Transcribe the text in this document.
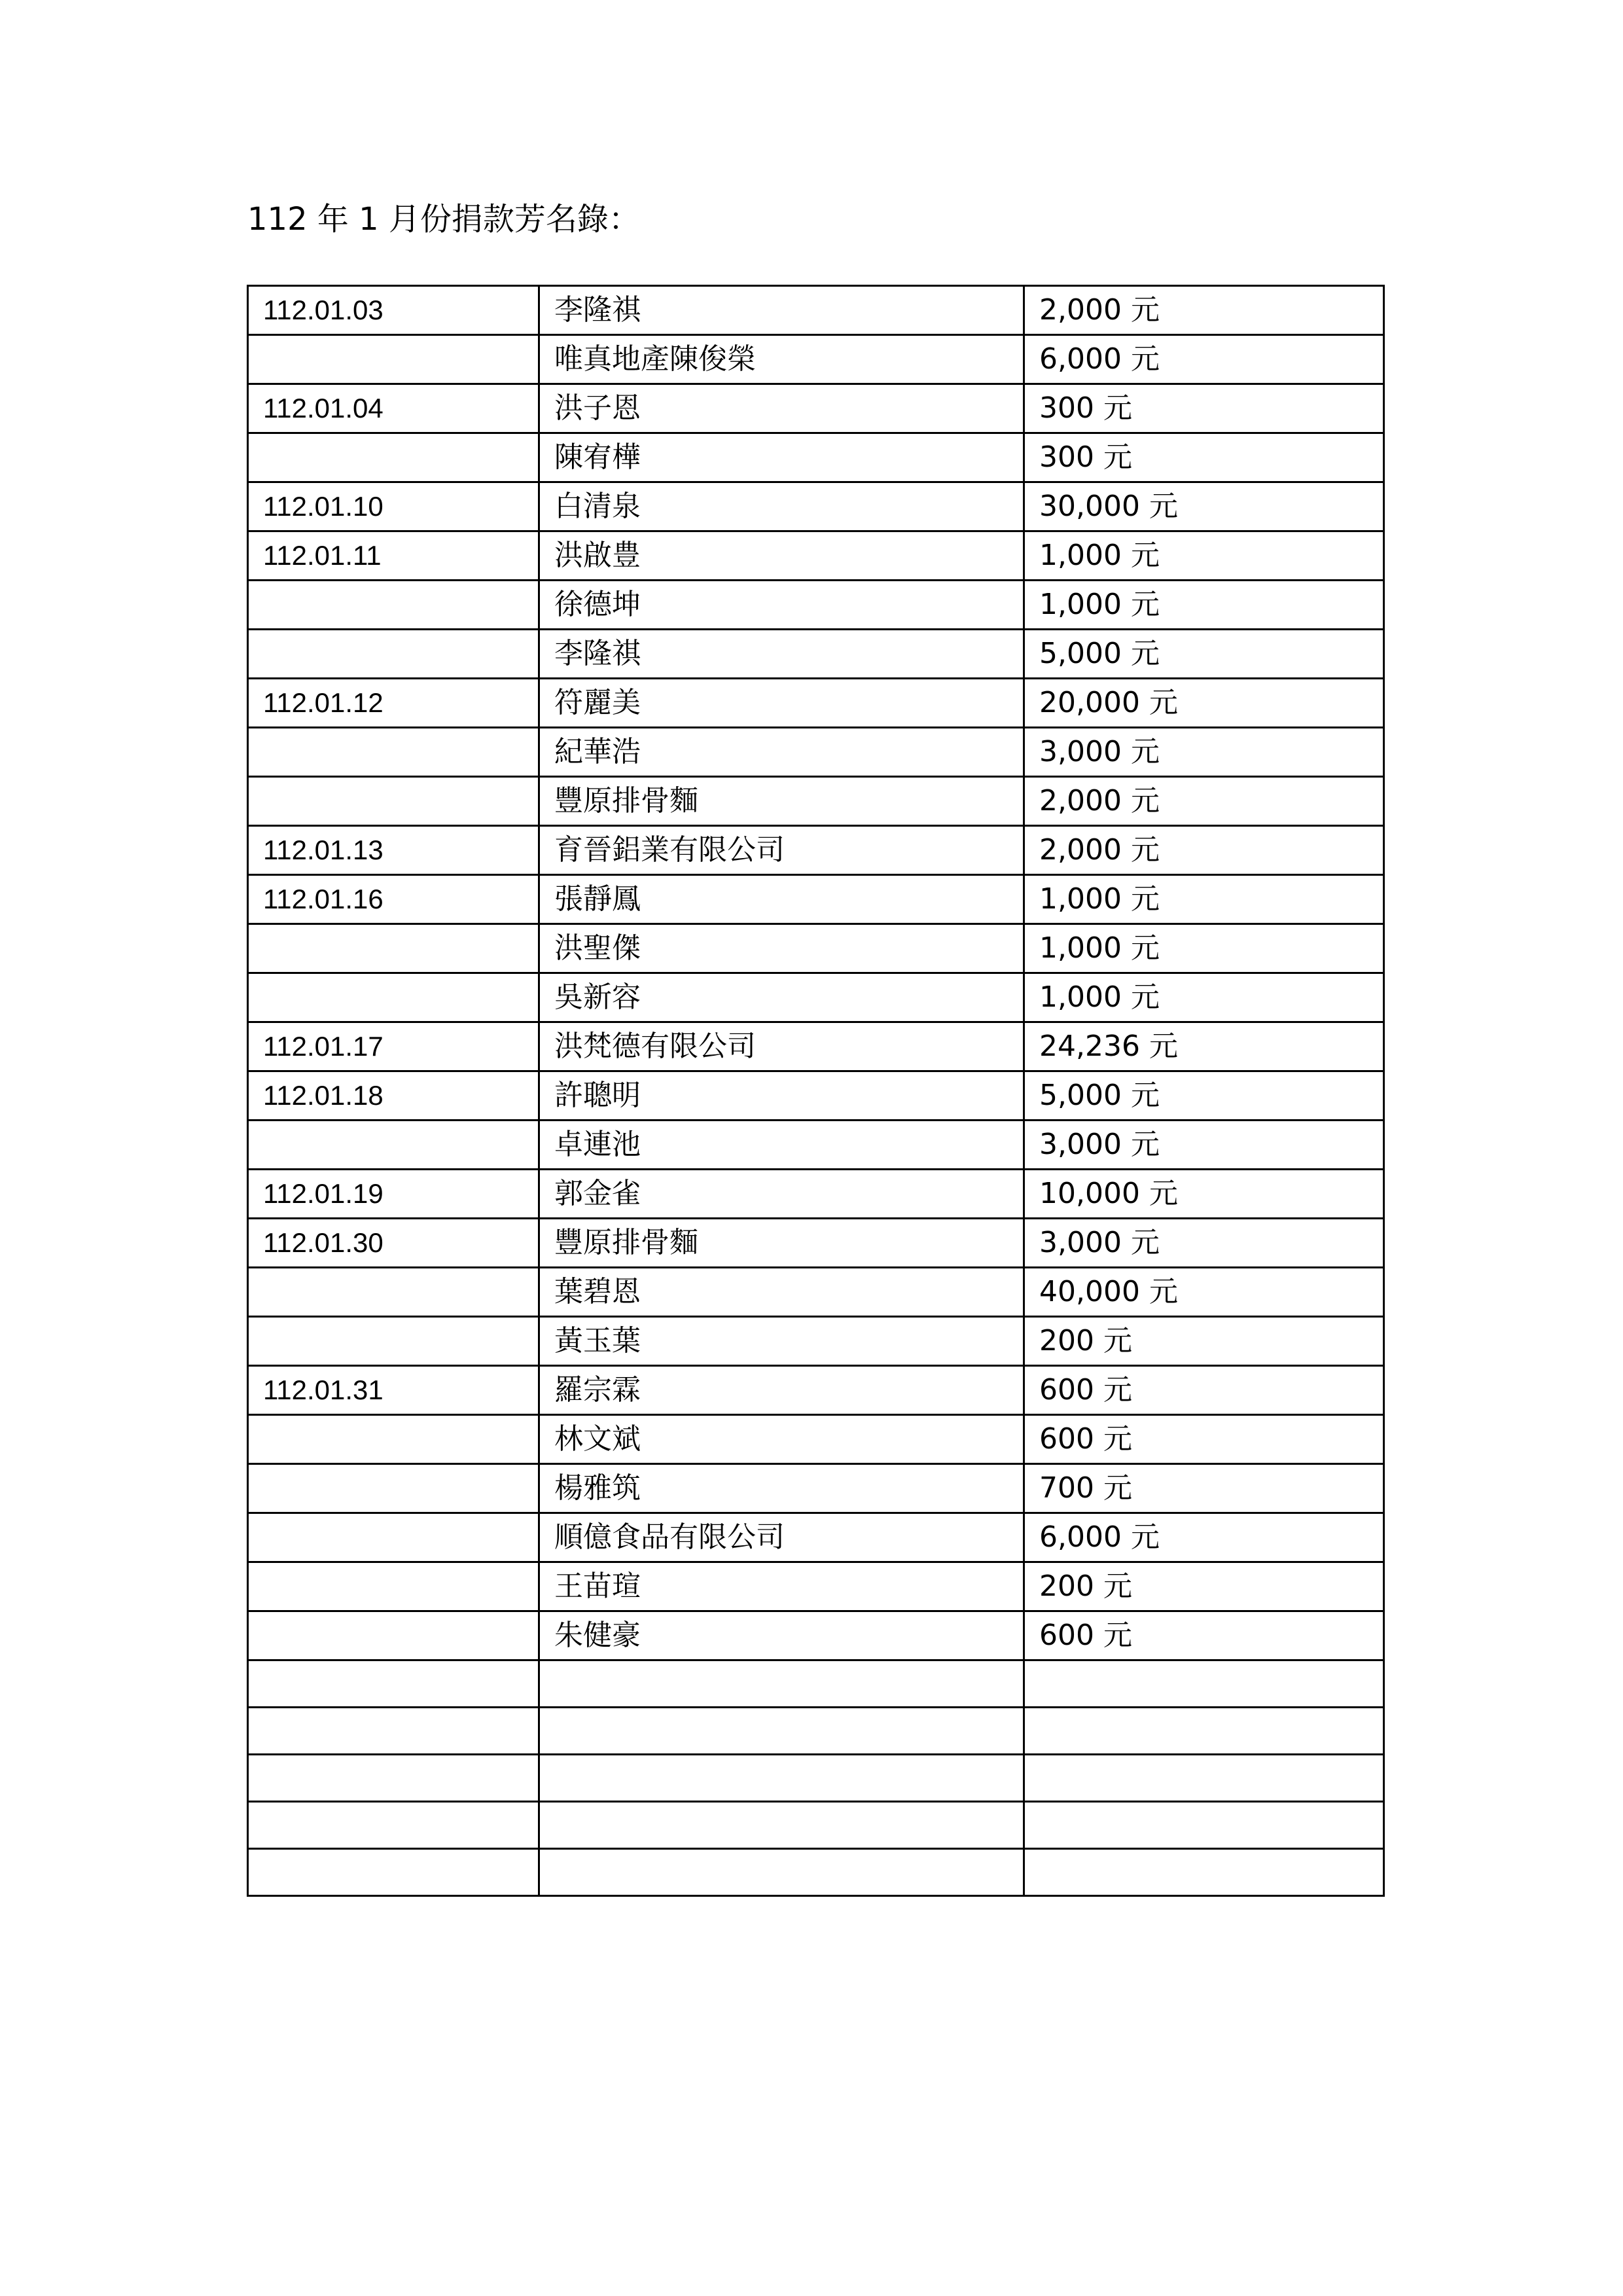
112 年 1 月份捐款芳名錄：
112.01.03	李隆祺	2,000 元
	唯真地產陳俊榮	6,000 元
112.01.04	洪子恩	300 元
	陳宥樺	300 元
112.01.10	白清泉	30,000 元
112.01.11	洪啟豊	1,000 元
	徐德坤	1,000 元
	李隆祺	5,000 元
112.01.12	符麗美	20,000 元
	紀華浩	3,000 元
	豐原排骨麵	2,000 元
112.01.13	育晉鋁業有限公司	2,000 元
112.01.16	張靜鳳	1,000 元
	洪聖傑	1,000 元
	吳新容	1,000 元
112.01.17	洪梵德有限公司	24,236 元
112.01.18	許聰明	5,000 元
	卓連池	3,000 元
112.01.19	郭金雀	10,000 元
112.01.30	豐原排骨麵	3,000 元
	葉碧恩	40,000 元
	黃玉葉	200 元
112.01.31	羅宗霖	600 元
	林文斌	600 元
	楊雅筑	700 元
	順億食品有限公司	6,000 元
	王苗瑄	200 元
	朱健豪	600 元
